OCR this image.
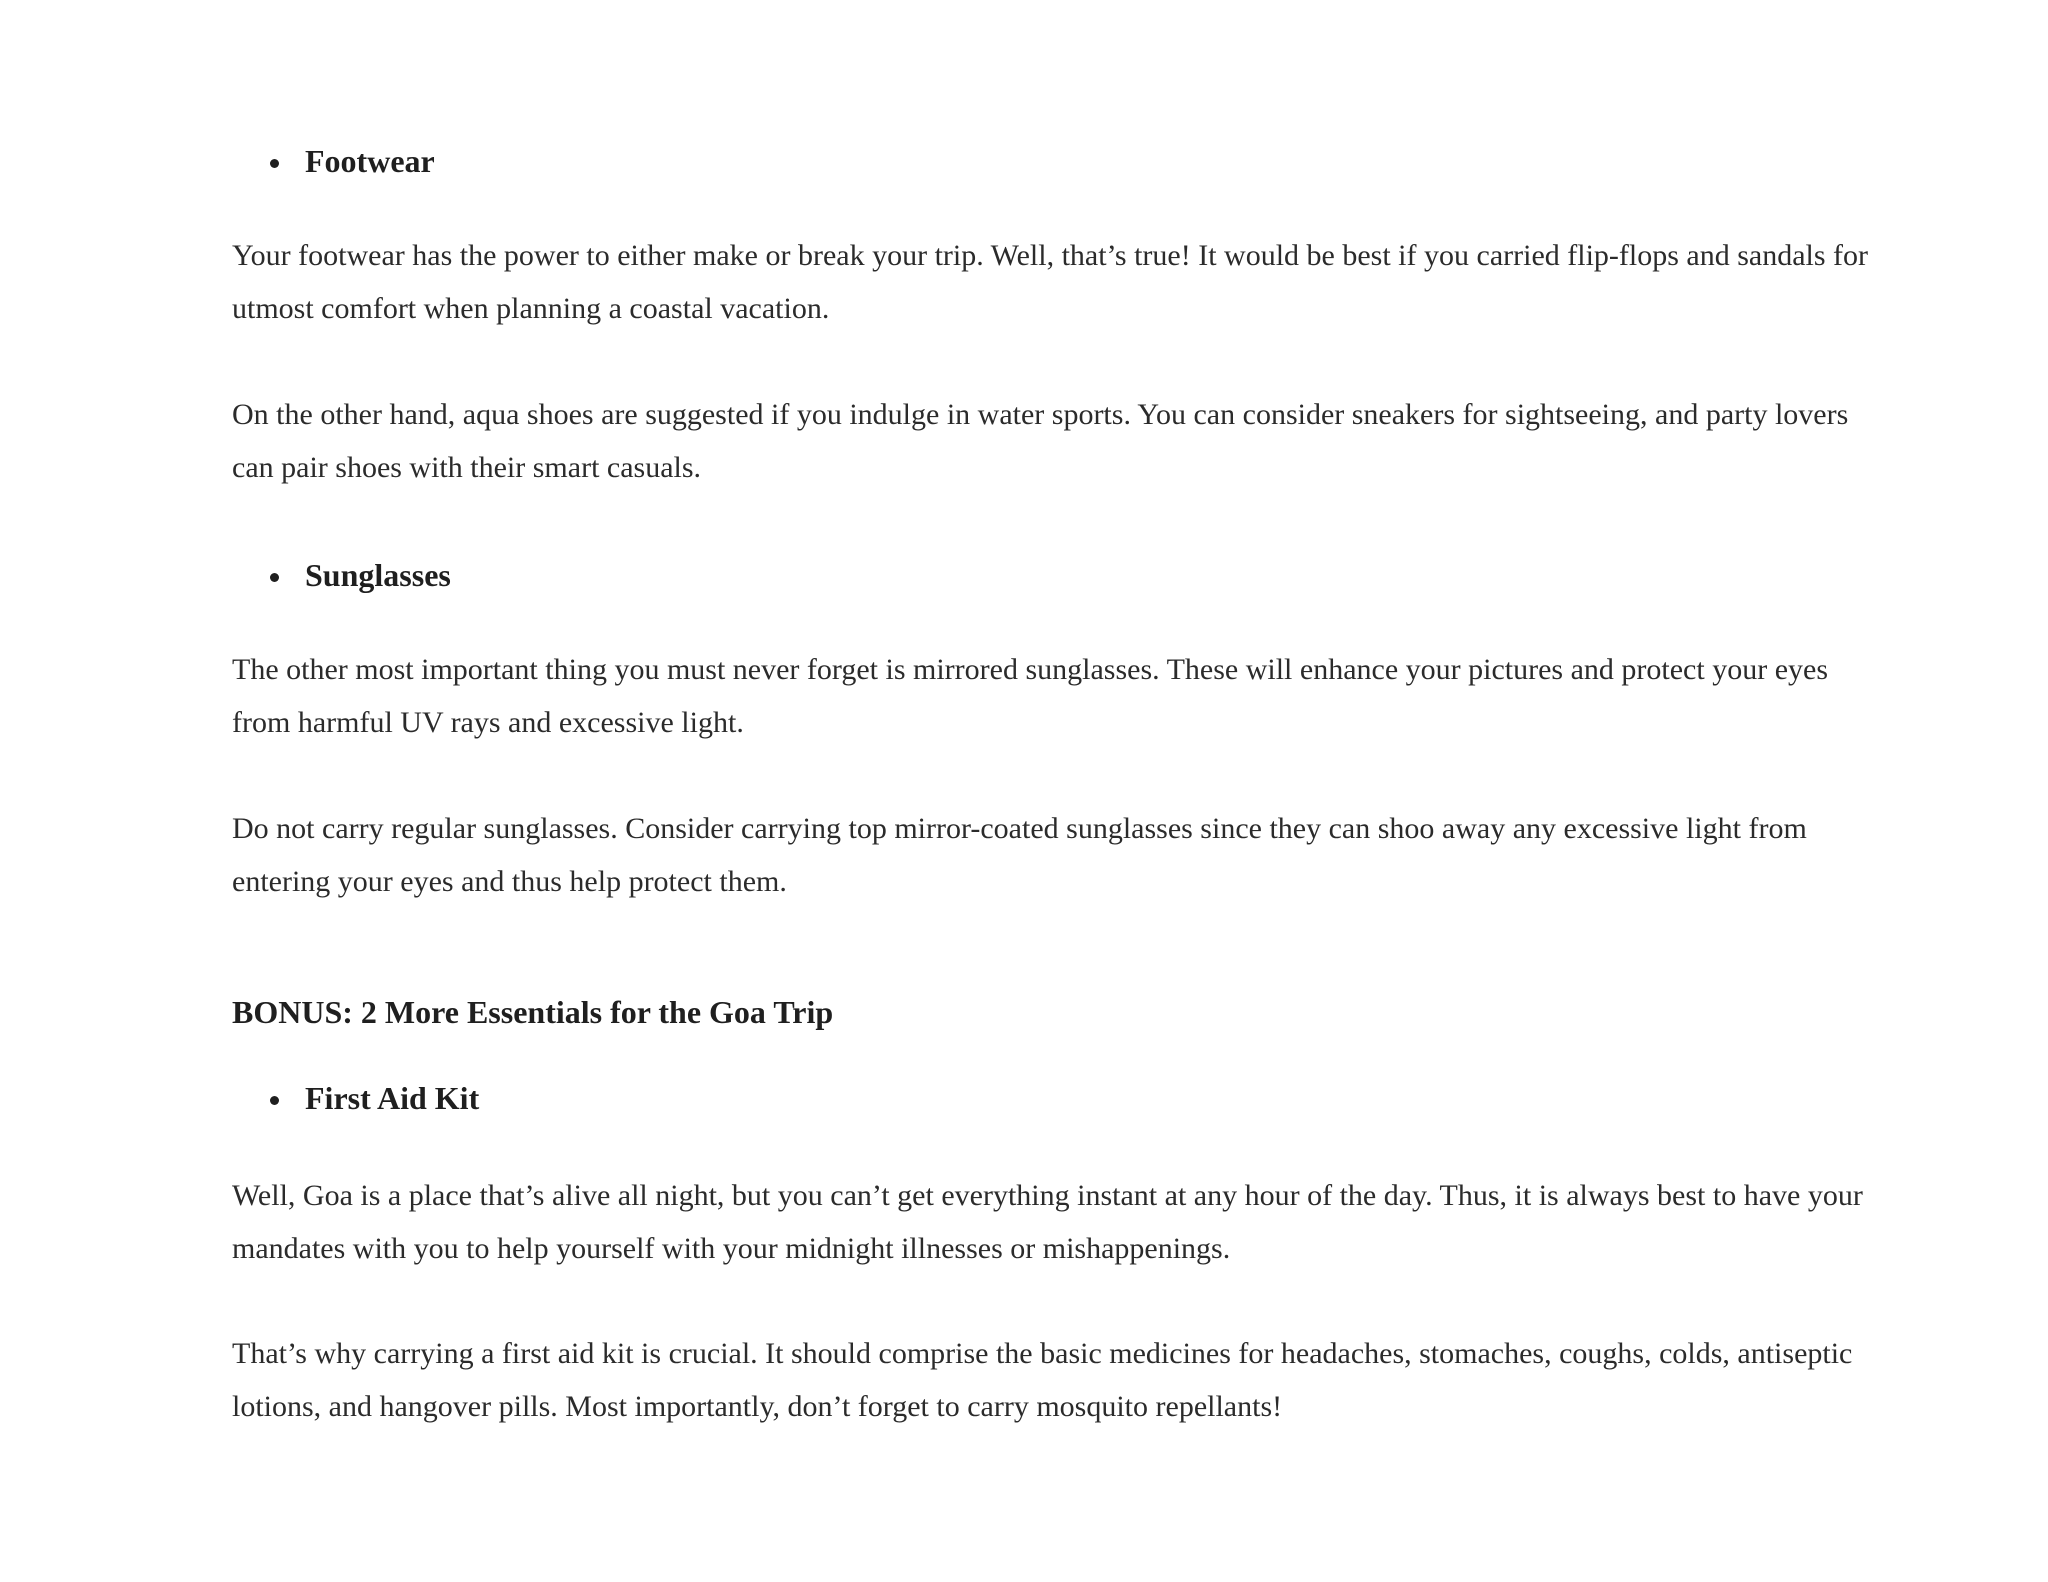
Footwear

Your footwear has the power to either make or break your trip. Well, that’s true! It would be best if you carried flip-flops and sandals for utmost comfort when planning a coastal vacation.

On the other hand, aqua shoes are suggested if you indulge in water sports. You can consider sneakers for sightseeing, and party lovers can pair shoes with their smart casuals.

Sunglasses

The other most important thing you must never forget is mirrored sunglasses. These will enhance your pictures and protect your eyes from harmful UV rays and excessive light.

Do not carry regular sunglasses. Consider carrying top mirror-coated sunglasses since they can shoo away any excessive light from entering your eyes and thus help protect them.

BONUS: 2 More Essentials for the Goa Trip
First Aid Kit

Well, Goa is a place that’s alive all night, but you can’t get everything instant at any hour of the day. Thus, it is always best to have your mandates with you to help yourself with your midnight illnesses or mishappenings.

That’s why carrying a first aid kit is crucial. It should comprise the basic medicines for headaches, stomaches, coughs, colds, antiseptic lotions, and hangover pills. Most importantly, don’t forget to carry mosquito repellants!
